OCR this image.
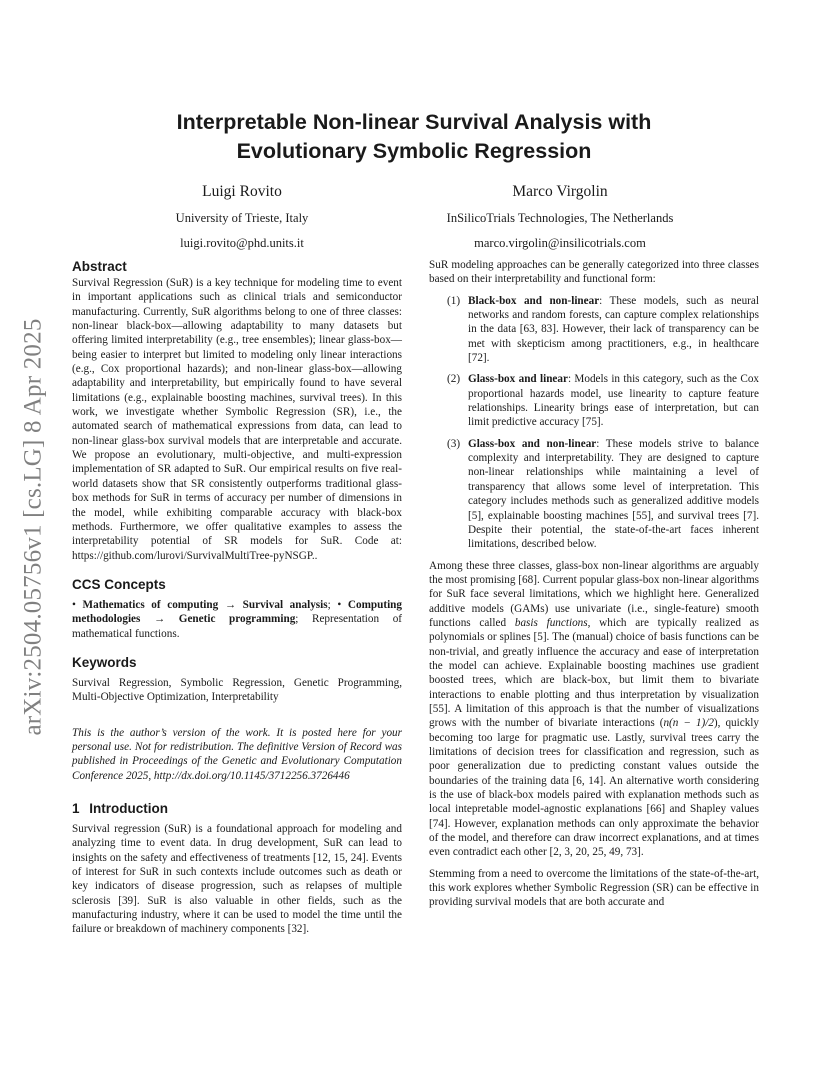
arXiv:2504.05756v1 [cs.LG] 8 Apr 2025
Interpretable Non-linear Survival Analysis with
Evolutionary Symbolic Regression
Luigi Rovito
University of Trieste, Italy
luigi.rovito@phd.units.it
Marco Virgolin
InSilicoTrials Technologies, The Netherlands
marco.virgolin@insilicotrials.com
Abstract

Survival Regression (SuR) is a key technique for modeling time to event in important applications such as clinical trials and semiconductor manufacturing. Currently, SuR algorithms belong to one of three classes: non-linear black-box—allowing adaptability to many datasets but offering limited interpretability (e.g., tree ensembles); linear glass-box—being easier to interpret but limited to modeling only linear interactions (e.g., Cox proportional hazards); and non-linear glass-box—allowing adaptability and interpretability, but empirically found to have several limitations (e.g., explainable boosting machines, survival trees). In this work, we investigate whether Symbolic Regression (SR), i.e., the automated search of mathematical expressions from data, can lead to non-linear glass-box survival models that are interpretable and accurate. We propose an evolutionary, multi-objective, and multi-expression implementation of SR adapted to SuR. Our empirical results on five real-world datasets show that SR consistently outperforms traditional glass-box methods for SuR in terms of accuracy per number of dimensions in the model, while exhibiting comparable accuracy with black-box methods. Furthermore, we offer qualitative examples to assess the interpretability potential of SR models for SuR. Code at: https://github.com/lurovi/SurvivalMultiTree-pyNSGP..

CCS Concepts

• Mathematics of computing → Survival analysis; • Computing methodologies → Genetic programming; Representation of mathematical functions.

Keywords

Survival Regression, Symbolic Regression, Genetic Programming, Multi-Objective Optimization, Interpretability

This is the author’s version of the work. It is posted here for your personal use. Not for redistribution. The definitive Version of Record was published in Proceedings of the Genetic and Evolutionary Computation Conference 2025, http://dx.doi.org/10.1145/3712256.3726446

1 Introduction

Survival regression (SuR) is a foundational approach for modeling and analyzing time to event data. In drug development, SuR can lead to insights on the safety and effectiveness of treatments [12, 15, 24]. Events of interest for SuR in such contexts include outcomes such as death or key indicators of disease progression, such as relapses of multiple sclerosis [39]. SuR is also valuable in other fields, such as the manufacturing industry, where it can be used to model the time until the failure or breakdown of machinery components [32].

SuR modeling approaches can be generally categorized into three classes based on their interpretability and functional form:

(1) Black-box and non-linear: These models, such as neural networks and random forests, can capture complex relationships in the data [63, 83]. However, their lack of transparency can be met with skepticism among practitioners, e.g., in healthcare [72].
(2) Glass-box and linear: Models in this category, such as the Cox proportional hazards model, use linearity to capture feature relationships. Linearity brings ease of interpretation, but can limit predictive accuracy [75].
(3) Glass-box and non-linear: These models strive to balance complexity and interpretability. They are designed to capture non-linear relationships while maintaining a level of transparency that allows some level of interpretation. This category includes methods such as generalized additive models [5], explainable boosting machines [55], and survival trees [7]. Despite their potential, the state-of-the-art faces inherent limitations, described below.

Among these three classes, glass-box non-linear algorithms are arguably the most promising [68]. Current popular glass-box non-linear algorithms for SuR face several limitations, which we highlight here. Generalized additive models (GAMs) use univariate (i.e., single-feature) smooth functions called basis functions, which are typically realized as polynomials or splines [5]. The (manual) choice of basis functions can be non-trivial, and greatly influence the accuracy and ease of interpretation the model can achieve. Explainable boosting machines use gradient boosted trees, which are black-box, but limit them to bivariate interactions to enable plotting and thus interpretation by visualization [55]. A limitation of this approach is that the number of visualizations grows with the number of bivariate interactions (n(n − 1)/2), quickly becoming too large for pragmatic use. Lastly, survival trees carry the limitations of decision trees for classification and regression, such as poor generalization due to predicting constant values outside the boundaries of the training data [6, 14]. An alternative worth considering is the use of black-box models paired with explanation methods such as local intepretable model-agnostic explanations [66] and Shapley values [74]. However, explanation methods can only approximate the behavior of the model, and therefore can draw incorrect explanations, and at times even contradict each other [2, 3, 20, 25, 49, 73].

Stemming from a need to overcome the limitations of the state-of-the-art, this work explores whether Symbolic Regression (SR) can be effective in providing survival models that are both accurate and
